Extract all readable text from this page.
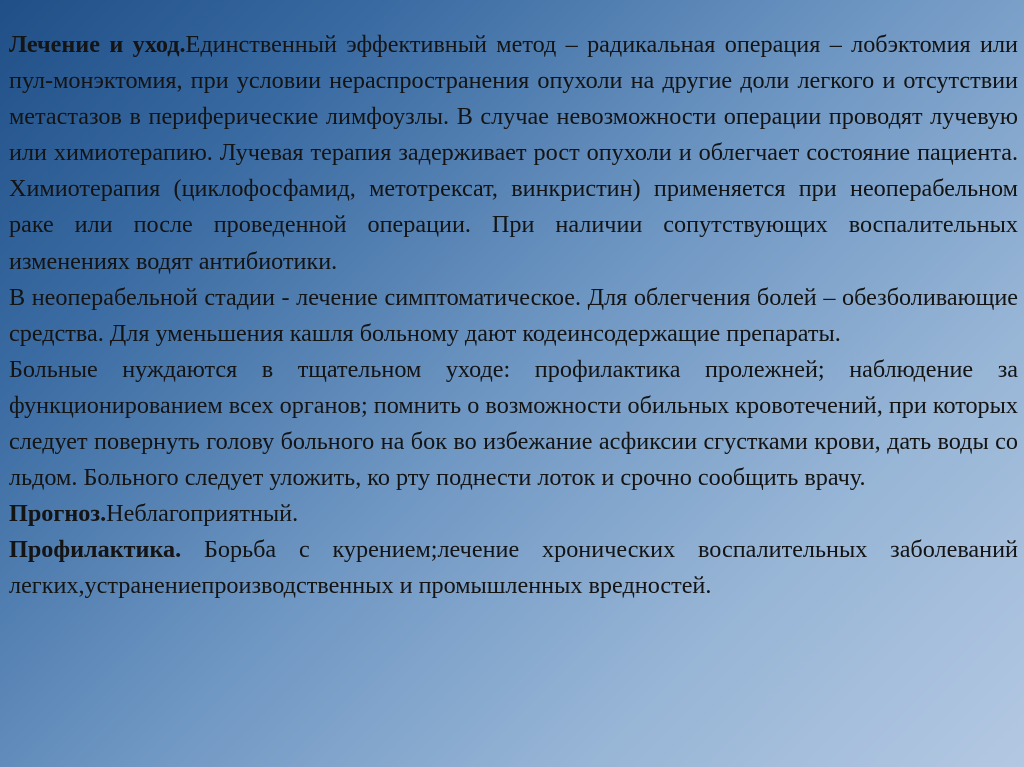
Лечение и уход.Единственный эффективный метод – радикальная операция – лобэктомия или пул-монэктомия, при условии нераспространения опухоли на другие доли легкого и отсутствии метастазов в периферические лимфоузлы. В случае невозможности операции проводят лучевую или химиотерапию. Лучевая терапия задерживает рост опухоли и облегчает состояние пациента. Химиотерапия (циклофосфамид, метотрексат, винкристин) применяется при неоперабельном раке или после проведенной операции. При наличии сопутствующих воспалительных изменениях водят антибиотики.

В неоперабельной стадии - лечение симптоматическое. Для облегчения болей – обезболивающие средства. Для уменьшения кашля больному дают кодеинсодержащие препараты.

Больные нуждаются в тщательном уходе: профилактика пролежней; наблюдение за функционированием всех органов; помнить о возможности обильных кровотечений, при которых следует повернуть голову больного на бок во избежание асфиксии сгустками крови, дать воды со льдом. Больного следует уложить, ко рту поднести лоток и срочно сообщить врачу.

Прогноз.Неблагоприятный.

Профилактика. Борьба с курением;лечение хронических воспалительных заболеваний легких,устранениепроизводственных и промышленных вредностей.
